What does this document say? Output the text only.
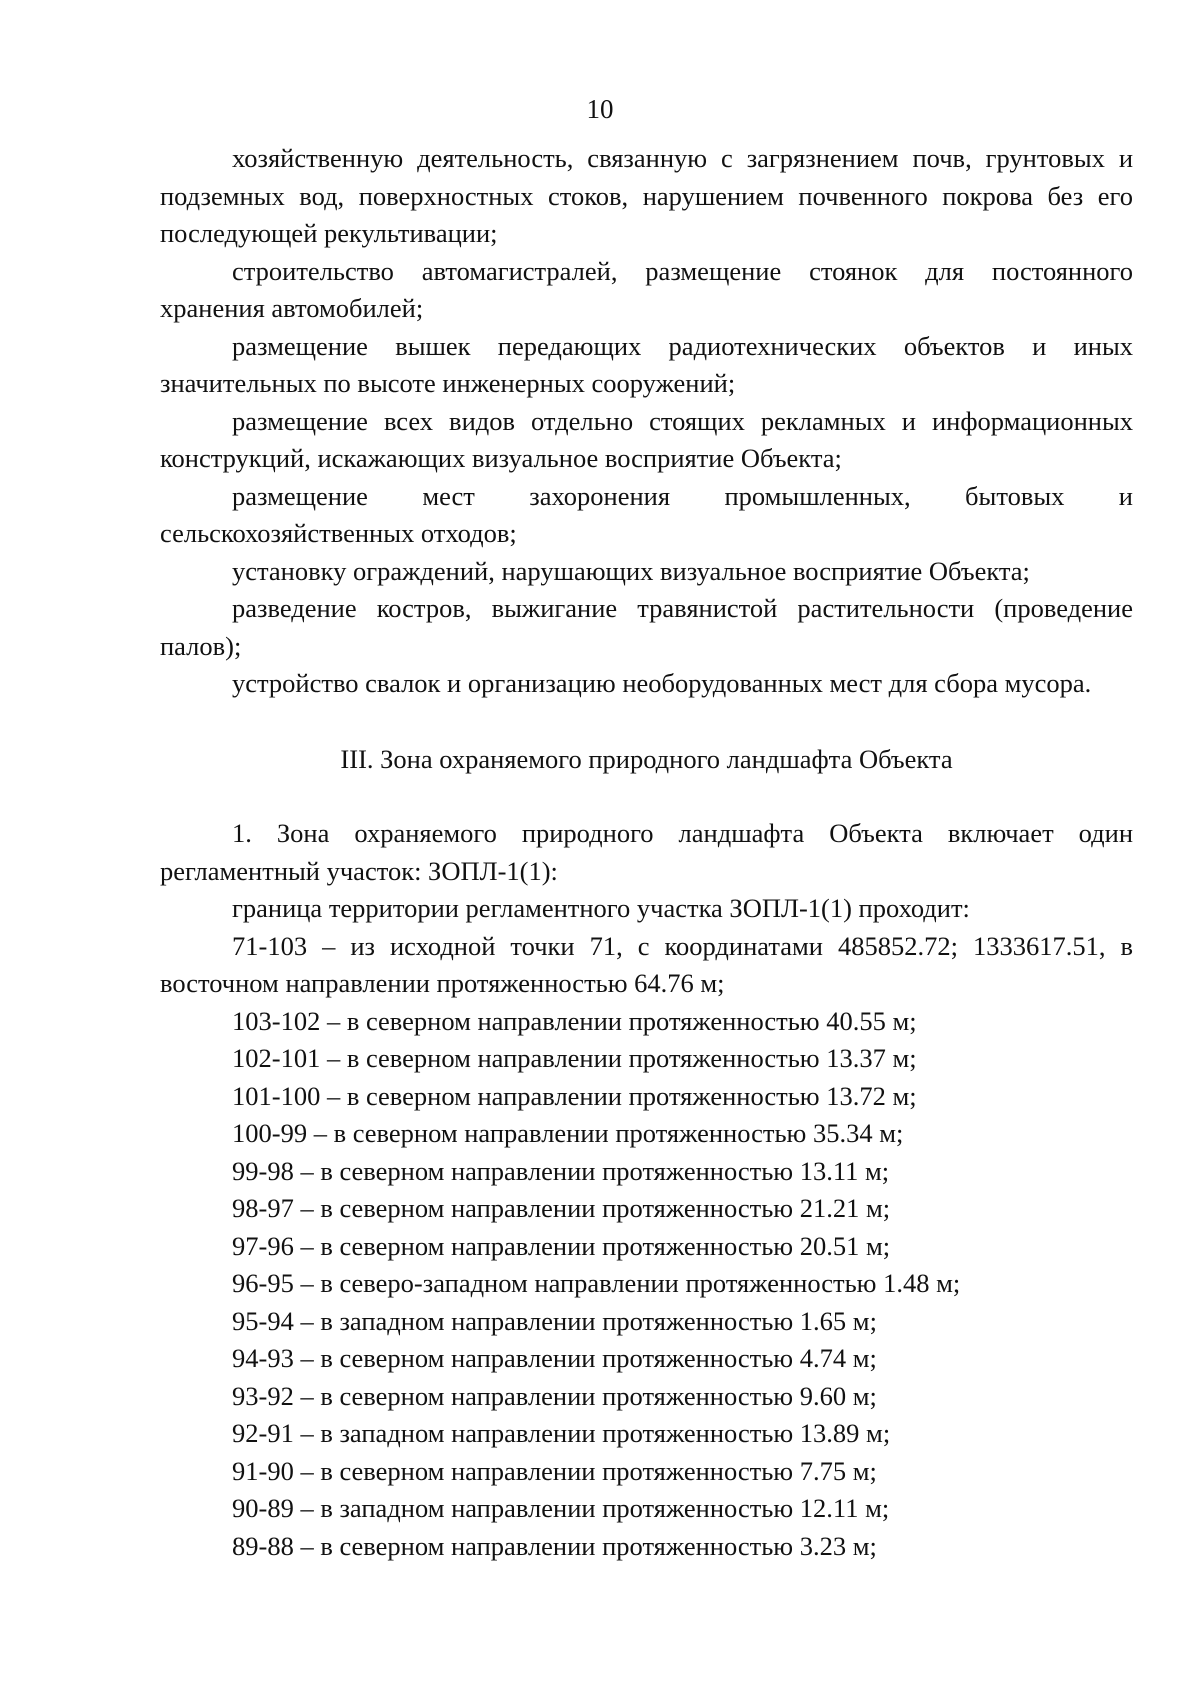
10

хозяйственную деятельность, связанную с загрязнением почв, грунтовых и подземных вод, поверхностных стоков, нарушением почвенного покрова без его последующей рекультивации;

строительство автомагистралей, размещение стоянок для постоянного хранения автомобилей;

размещение вышек передающих радиотехнических объектов и иных значительных по высоте инженерных сооружений;

размещение всех видов отдельно стоящих рекламных и информационных конструкций, искажающих визуальное восприятие Объекта;

размещение мест захоронения промышленных, бытовых и сельскохозяйственных отходов;

установку ограждений, нарушающих визуальное восприятие Объекта;

разведение костров, выжигание травянистой растительности (проведение палов);

устройство свалок и организацию необорудованных мест для сбора мусора.

III. Зона охраняемого природного ландшафта Объекта

1. Зона охраняемого природного ландшафта Объекта включает один регламентный участок: ЗОПЛ-1(1):

граница территории регламентного участка ЗОПЛ-1(1) проходит:

71-103 – из исходной точки 71, с координатами 485852.72; 1333617.51, в восточном направлении протяженностью 64.76 м;

103-102 – в северном направлении протяженностью 40.55 м;

102-101 – в северном направлении протяженностью 13.37 м;

101-100 – в северном направлении протяженностью 13.72 м;

100-99 – в северном направлении протяженностью 35.34 м;

99-98 – в северном направлении протяженностью 13.11 м;

98-97 – в северном направлении протяженностью 21.21 м;

97-96 – в северном направлении протяженностью 20.51 м;

96-95 – в северо-западном направлении протяженностью 1.48 м;

95-94 – в западном направлении протяженностью 1.65 м;

94-93 – в северном направлении протяженностью 4.74 м;

93-92 – в северном направлении протяженностью 9.60 м;

92-91 – в западном направлении протяженностью 13.89 м;

91-90 – в северном направлении протяженностью 7.75 м;

90-89 – в западном направлении протяженностью 12.11 м;

89-88 – в северном направлении протяженностью 3.23 м;
